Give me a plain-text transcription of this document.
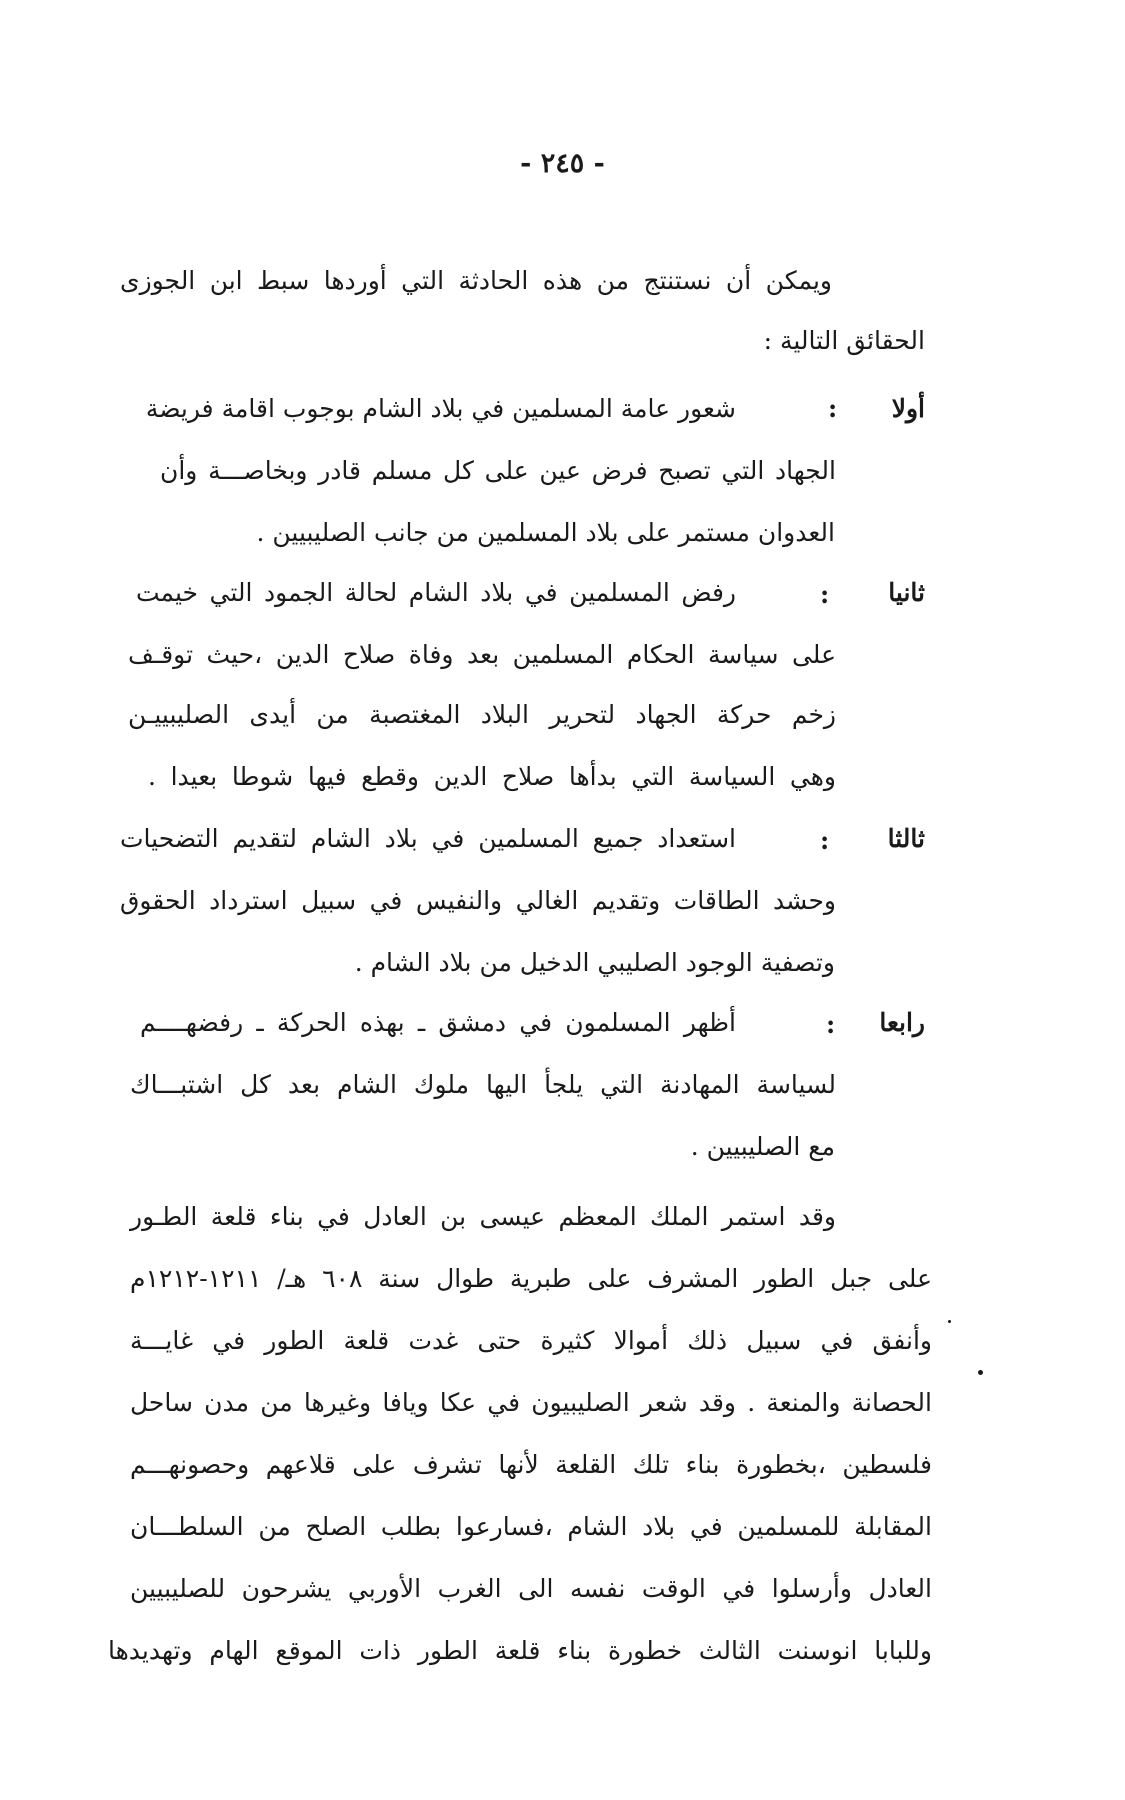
- ٢٤٥ -
ويمكن أن نستنتج من هذه الحادثة التي أوردها سبط ابن الجوزى
الحقائق التالية :
أولا
:
شعور عامة المسلمين في بلاد الشام بوجوب اقامة فريضة
الجهاد التي تصبح فرض عين على كل مسلم قادر وبخاصـــة وأن
العدوان مستمر على بلاد المسلمين من جانب الصليبيين .
ثانيا
:
رفض المسلمين في بلاد الشام لحالة الجمود التي خيمت
على سياسة الحكام المسلمين بعد وفاة صلاح الدين ،حيث توقـف
زخم حركة الجهاد لتحرير البلاد المغتصبة من أيدى الصليبييـن
وهي السياسة التي بدأها صلاح الدين وقطع فيها شوطا بعيدا .
ثالثا
:
استعداد جميع المسلمين في بلاد الشام لتقديم التضحيات
وحشد الطاقات وتقديم الغالي والنفيس في سبيل استرداد الحقوق
وتصفية الوجود الصليبي الدخيل من بلاد الشام .
رابعا
:
أظهر المسلمون في دمشق ـ بهذه الحركة ـ رفضهــــم
لسياسة المهادنة التي يلجأ اليها ملوك الشام بعد كل اشتبـــاك
مع الصليبيين .
وقد استمر الملك المعظم عيسى بن العادل في بناء قلعة الطـور
على جبل الطور المشرف على طبرية طوال سنة ٦٠٨ هـ/ ١٢١١-١٢١٢م
وأنفق في سبيل ذلك أموالا كثيرة حتى غدت قلعة الطور في غايـــة
الحصانة والمنعة . وقد شعر الصليبيون في عكا ويافا وغيرها من مدن ساحل
فلسطين ،بخطورة بناء تلك القلعة لأنها تشرف على قلاعهم وحصونهـــم
المقابلة للمسلمين في بلاد الشام ،فسارعوا بطلب الصلح من السلطـــان
العادل وأرسلوا في الوقت نفسه الى الغرب الأوربي يشرحون للصليبيين
وللبابا انوسنت الثالث خطورة بناء قلعة الطور ذات الموقع الهام وتهديدها
